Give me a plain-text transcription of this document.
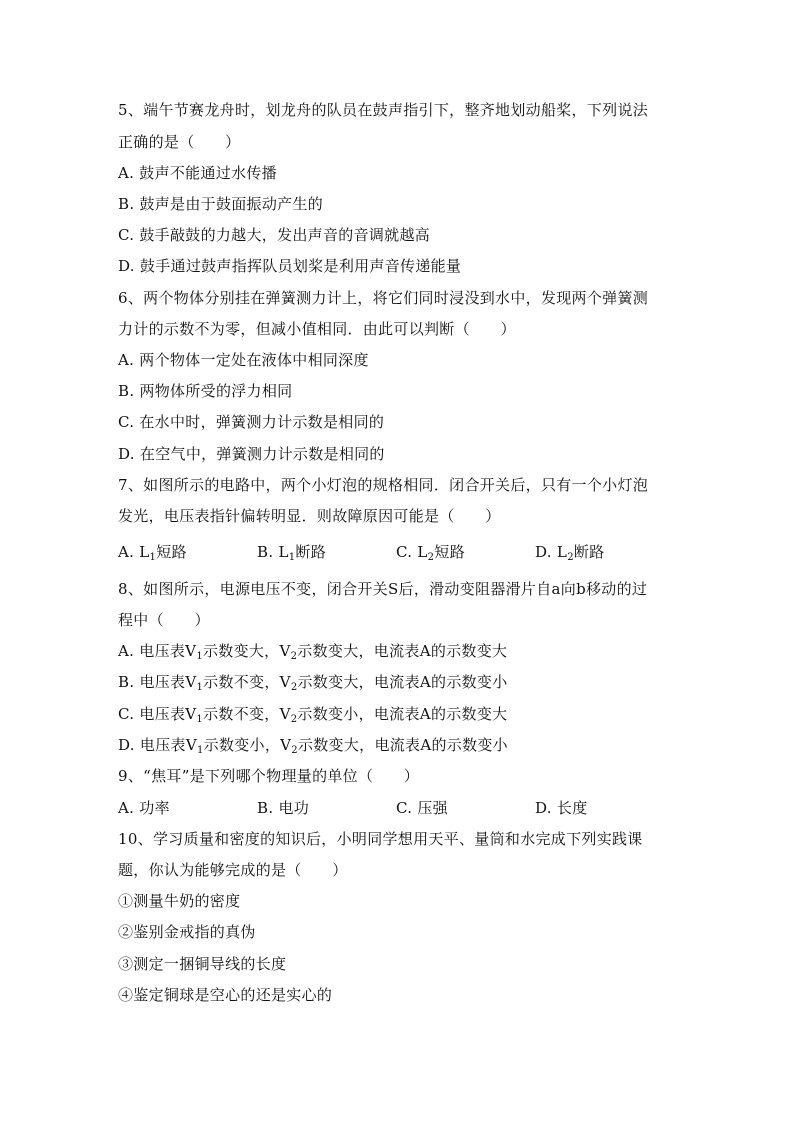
5、端午节赛龙舟时，划龙舟的队员在鼓声指引下，整齐地划动船桨，下列说法
正确的是（　　）
A. 鼓声不能通过水传播
B. 鼓声是由于鼓面振动产生的
C. 鼓手敲鼓的力越大，发出声音的音调就越高
D. 鼓手通过鼓声指挥队员划桨是利用声音传递能量
6、两个物体分别挂在弹簧测力计上，将它们同时浸没到水中，发现两个弹簧测
力计的示数不为零，但减小值相同．由此可以判断（　　）
A. 两个物体一定处在液体中相同深度
B. 两物体所受的浮力相同
C. 在水中时，弹簧测力计示数是相同的
D. 在空气中，弹簧测力计示数是相同的
7、如图所示的电路中，两个小灯泡的规格相同．闭合开关后，只有一个小灯泡
发光，电压表指针偏转明显．则故障原因可能是（　　）
A. $L_1$短路	B. $L_1$断路	C. $L_2$短路	D. $L_2$断路
8、如图所示，电源电压不变，闭合开关S后，滑动变阻器滑片自a向b移动的过
程中（　　）
A. 电压表$V_1$示数变大，$V_2$示数变大，电流表A的示数变大
B. 电压表$V_1$示数不变，$V_2$示数变大，电流表A的示数变小
C. 电压表$V_1$示数不变，$V_2$示数变小，电流表A的示数变大
D. 电压表$V_1$示数变小，$V_2$示数变大，电流表A的示数变小
9、“焦耳”是下列哪个物理量的单位（　　）
A. 功率	B. 电功	C. 压强	D. 长度
10、学习质量和密度的知识后，小明同学想用天平、量筒和水完成下列实践课
题，你认为能够完成的是（　　）
①测量牛奶的密度
②鉴别金戒指的真伪
③测定一捆铜导线的长度
④鉴定铜球是空心的还是实心的
